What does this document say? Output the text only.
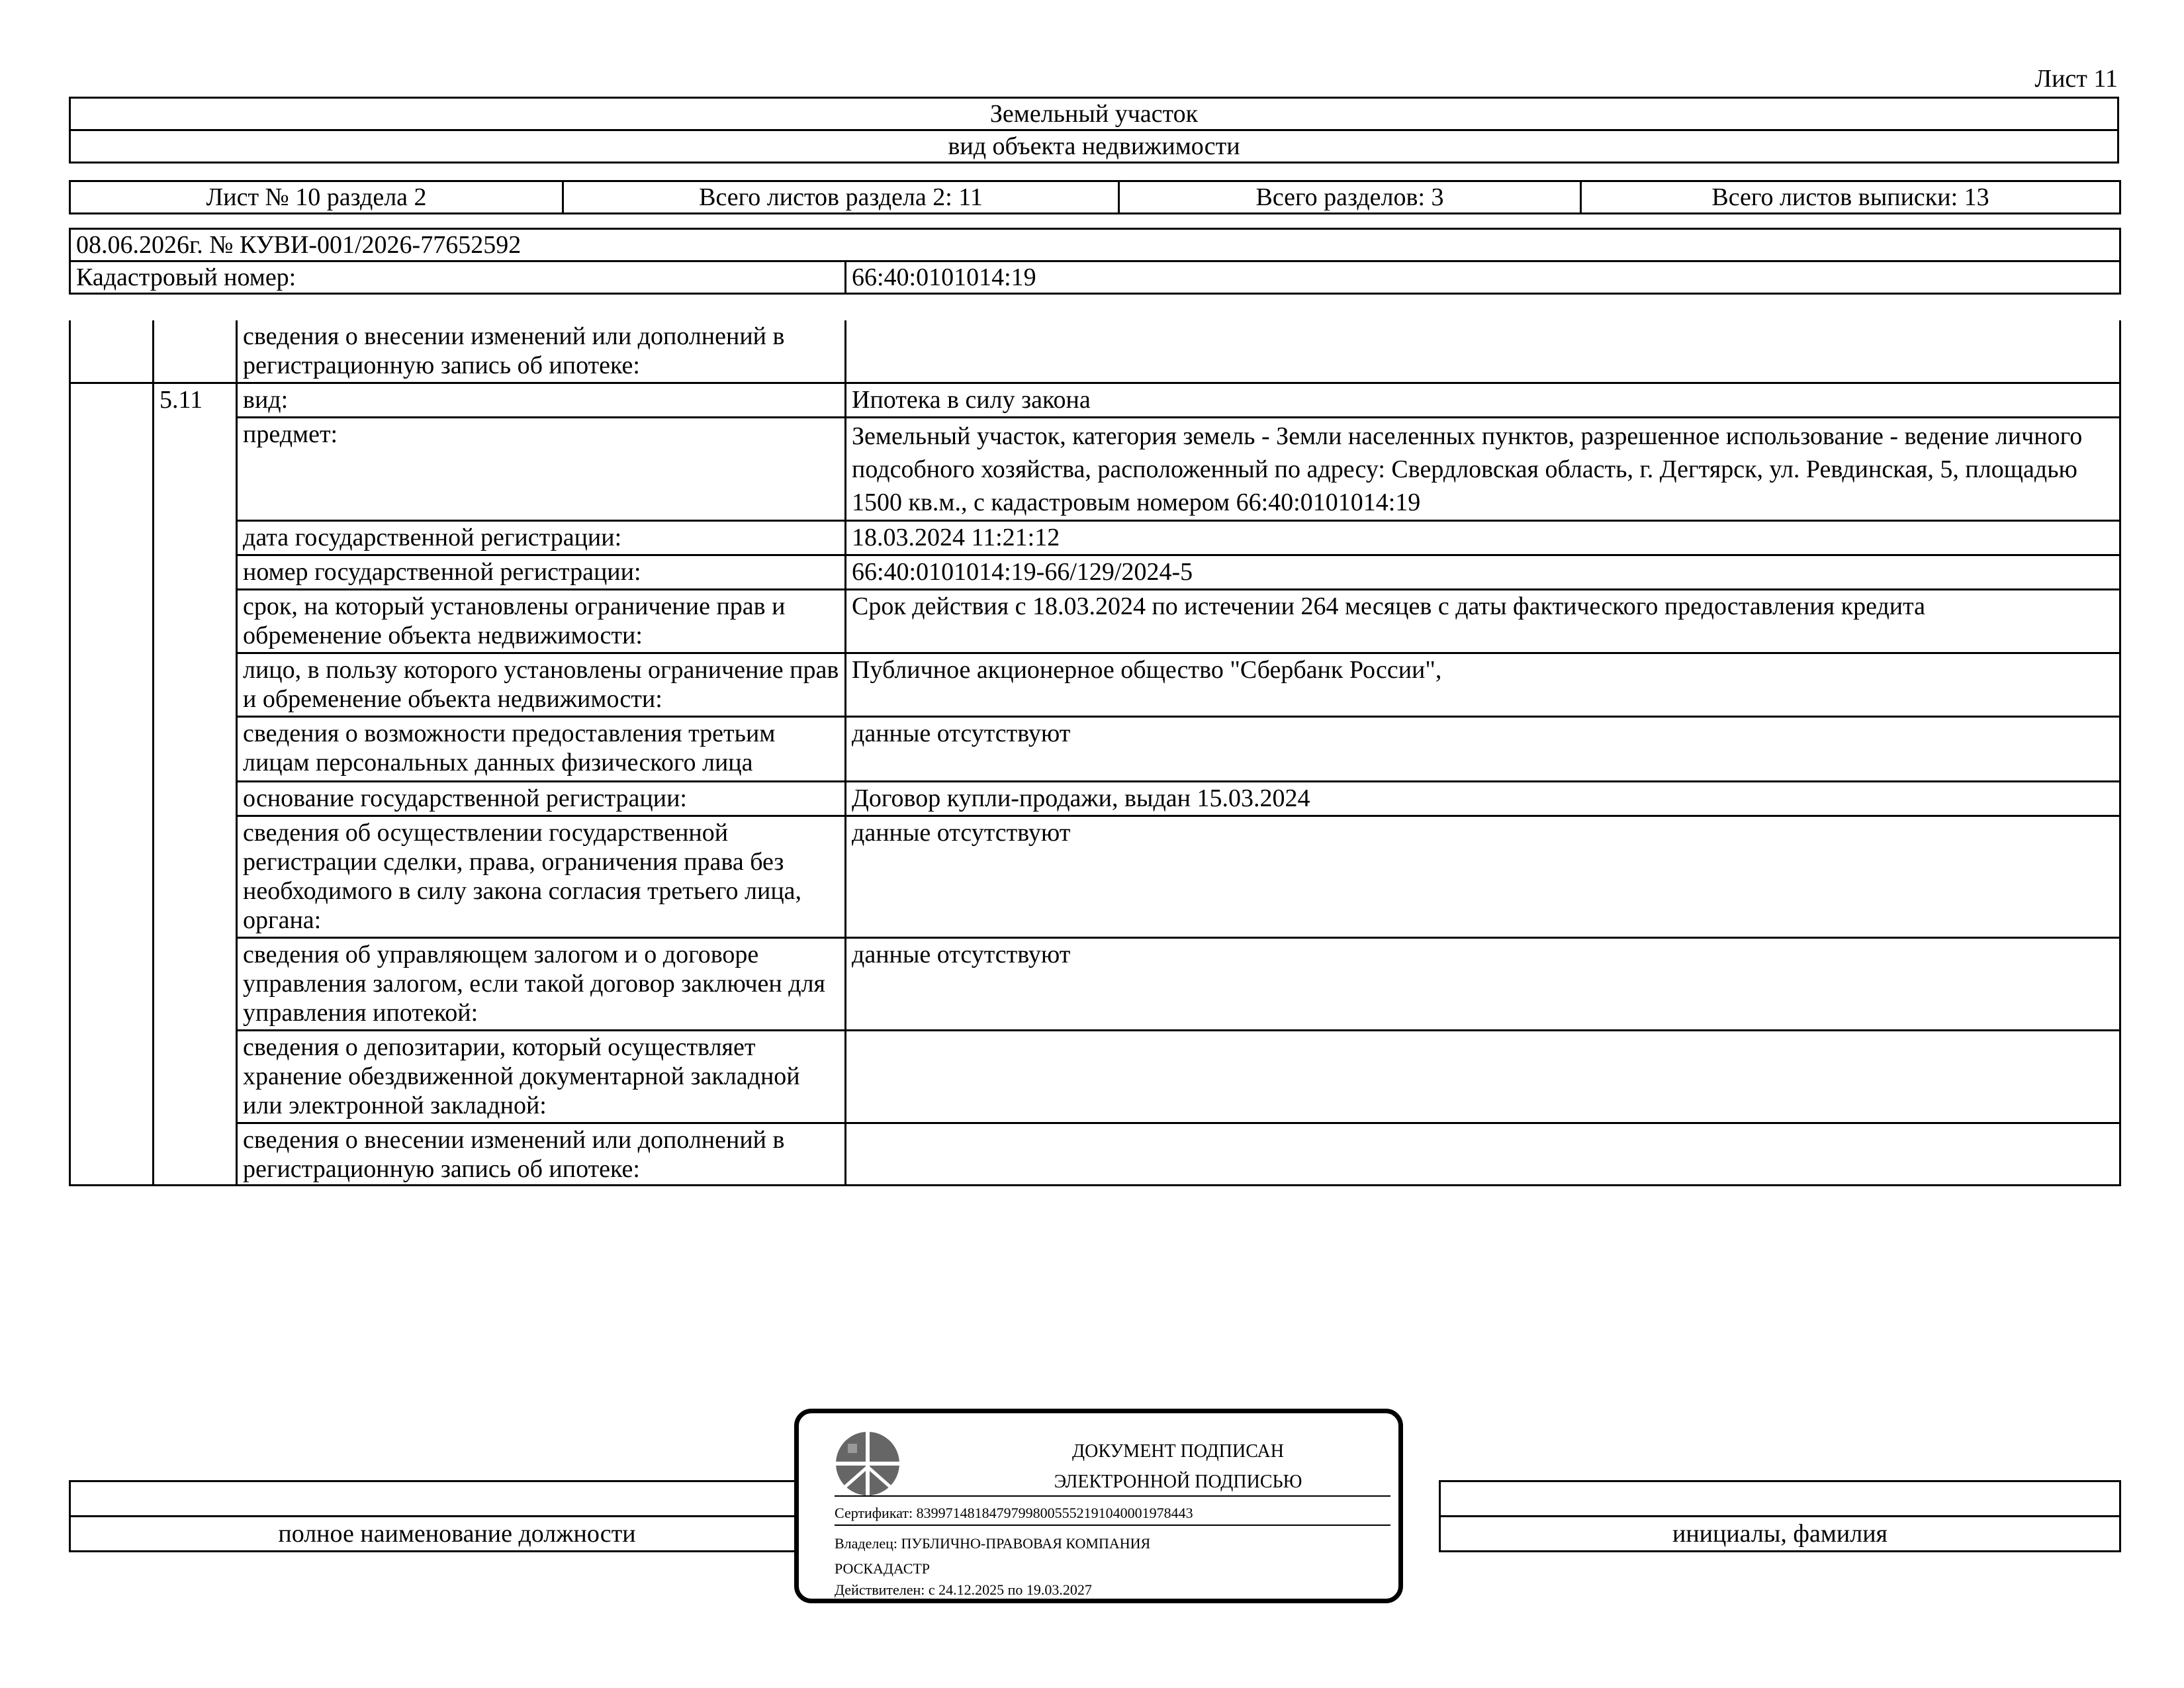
Лист 11
Земельный участок
вид объекта недвижимости
Лист № 10 раздела 2	Всего листов раздела 2: 11	Всего разделов: 3	Всего листов выписки: 13
08.06.2026г. № КУВИ-001/2026-77652592
Кадастровый номер:	66:40:0101014:19
		сведения о внесении изменений или дополнений в регистрационную запись об ипотеке:	
	5.11	вид:	Ипотека в силу закона
		предмет:	Земельный участок, категория земель - Земли населенных пунктов, разрешенное использование - ведение личного подсобного хозяйства, расположенный по адресу: Свердловская область, г. Дегтярск, ул. Ревдинская, 5, площадью 1500 кв.м., с кадастровым номером 66:40:0101014:19
		дата государственной регистрации:	18.03.2024 11:21:12
		номер государственной регистрации:	66:40:0101014:19-66/129/2024-5
		срок, на который установлены ограничение прав и обременение объекта недвижимости:	Срок действия с 18.03.2024 по истечении 264 месяцев с даты фактического предоставления кредита
		лицо, в пользу которого установлены ограничение прав и обременение объекта недвижимости:	Публичное акционерное общество "Сбербанк России",
		сведения о возможности предоставления третьим лицам персональных данных физического лица	данные отсутствуют
		основание государственной регистрации:	Договор купли-продажи, выдан 15.03.2024
		сведения об осуществлении государственной регистрации сделки, права, ограничения права без необходимого в силу закона согласия третьего лица, органа:	данные отсутствуют
		сведения об управляющем залогом и о договоре управления залогом, если такой договор заключен для управления ипотекой:	данные отсутствуют
		сведения о депозитарии, который осуществляет хранение обездвиженной документарной закладной или электронной закладной:	
		сведения о внесении изменений или дополнений в регистрационную запись об ипотеке:	

полное наименование должности		инициалы, фамилия
ДОКУМЕНТ ПОДПИСАН
ЭЛЕКТРОННОЙ ПОДПИСЬЮ
Сертификат: 83997148184797998005552191040001978443
Владелец: ПУБЛИЧНО-ПРАВОВАЯ КОМПАНИЯ
РОСКАДАСТР
Действителен: с 24.12.2025 по 19.03.2027
